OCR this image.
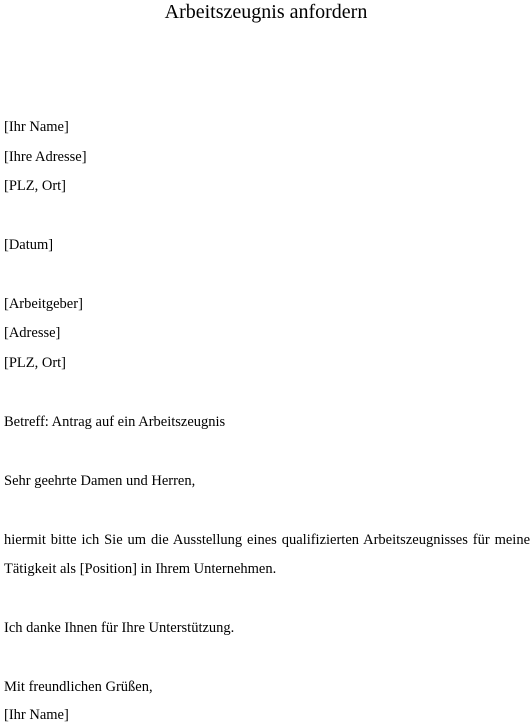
Arbeitszeugnis anfordern
[Ihr Name]
[Ihre Adresse]
[PLZ, Ort]
[Datum]
[Arbeitgeber]
[Adresse]
[PLZ, Ort]
Betreff: Antrag auf ein Arbeitszeugnis
Sehr geehrte Damen und Herren,
hiermit bitte ich Sie um die Ausstellung eines qualifizierten Arbeitszeugnisses für meine
Tätigkeit als [Position] in Ihrem Unternehmen.
Ich danke Ihnen für Ihre Unterstützung.
Mit freundlichen Grüßen,
[Ihr Name]
